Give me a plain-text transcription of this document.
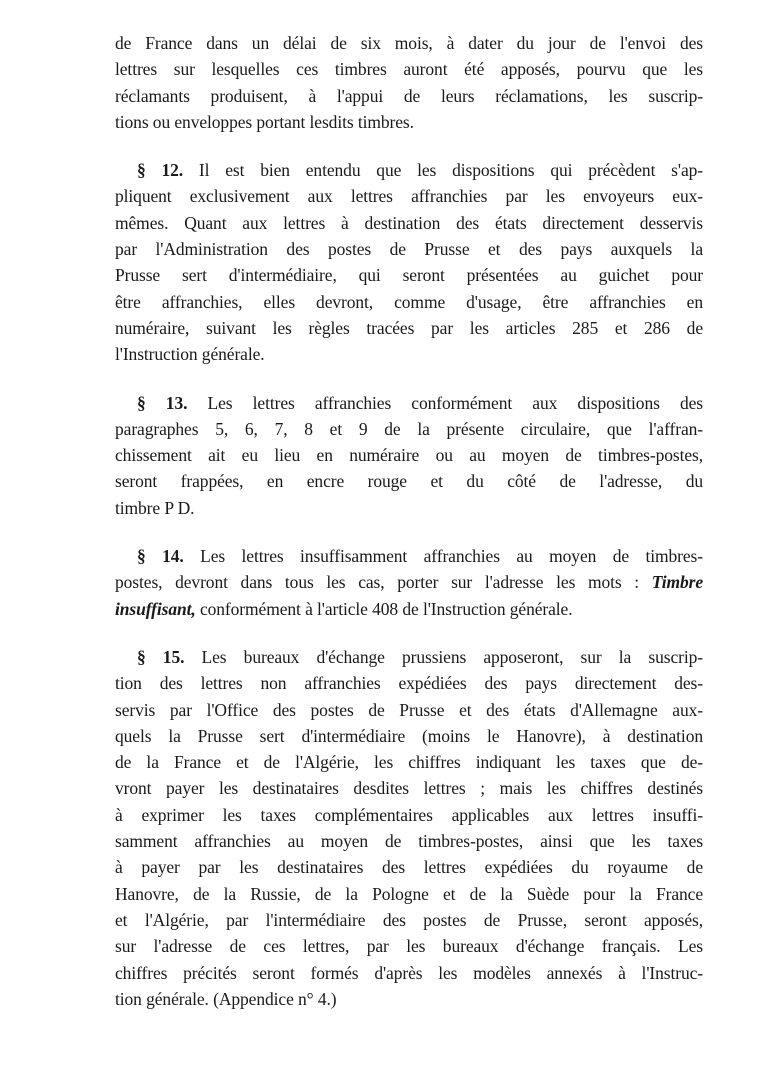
de France dans un délai de six mois, à dater du jour de l'envoi des
lettres sur lesquelles ces timbres auront été apposés, pourvu que les
réclamants produisent, à l'appui de leurs réclamations, les suscrip-
tions ou enveloppes portant lesdits timbres.
§ 12. Il est bien entendu que les dispositions qui précèdent s'ap-
pliquent exclusivement aux lettres affranchies par les envoyeurs eux-
mêmes. Quant aux lettres à destination des états directement desservis
par l'Administration des postes de Prusse et des pays auxquels la
Prusse sert d'intermédiaire, qui seront présentées au guichet pour
être affranchies, elles devront, comme d'usage, être affranchies en
numéraire, suivant les règles tracées par les articles 285 et 286 de
l'Instruction générale.
§ 13. Les lettres affranchies conformément aux dispositions des
paragraphes 5, 6, 7, 8 et 9 de la présente circulaire, que l'affran-
chissement ait eu lieu en numéraire ou au moyen de timbres-postes,
seront frappées, en encre rouge et du côté de l'adresse, du
timbre P D.
§ 14. Les lettres insuffisamment affranchies au moyen de timbres-
postes, devront dans tous les cas, porter sur l'adresse les mots : Timbre
insuffisant, conformément à l'article 408 de l'Instruction générale.
§ 15. Les bureaux d'échange prussiens apposeront, sur la suscrip-
tion des lettres non affranchies expédiées des pays directement des-
servis par l'Office des postes de Prusse et des états d'Allemagne aux-
quels la Prusse sert d'intermédiaire (moins le Hanovre), à destination
de la France et de l'Algérie, les chiffres indiquant les taxes que de-
vront payer les destinataires desdites lettres ; mais les chiffres destinés
à exprimer les taxes complémentaires applicables aux lettres insuffi-
samment affranchies au moyen de timbres-postes, ainsi que les taxes
à payer par les destinataires des lettres expédiées du royaume de
Hanovre, de la Russie, de la Pologne et de la Suède pour la France
et l'Algérie, par l'intermédiaire des postes de Prusse, seront apposés,
sur l'adresse de ces lettres, par les bureaux d'échange français. Les
chiffres précités seront formés d'après les modèles annexés à l'Instruc-
tion générale. (Appendice n° 4.)
